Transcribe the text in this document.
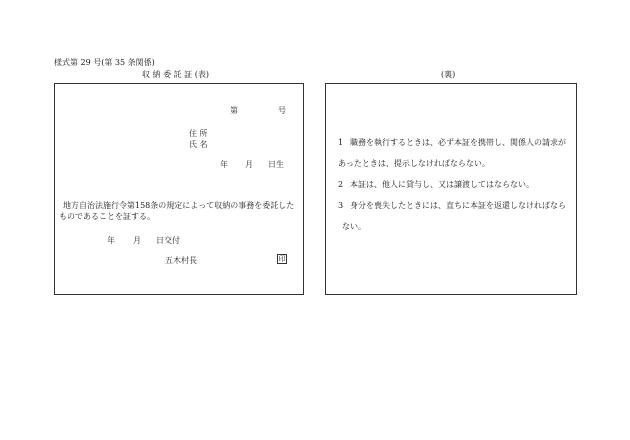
様式第 29 号(第 35 条関係)
収 納 委 託 証 (表)	(裏)
第	号
住 所
氏 名
年 月 日生
地方自治法施行令第158条の規定によって収納の事務を委託した
ものであることを証する。
年 月 日交付
五木村長	印
1 職務を執行するときは、必ず本証を携帯し、関係人の請求が
あったときは、提示しなければならない。
2 本証は、他人に貸与し、又は譲渡してはならない。
3 身分を喪失したときには、直ちに本証を返還しなければなら
ない。
